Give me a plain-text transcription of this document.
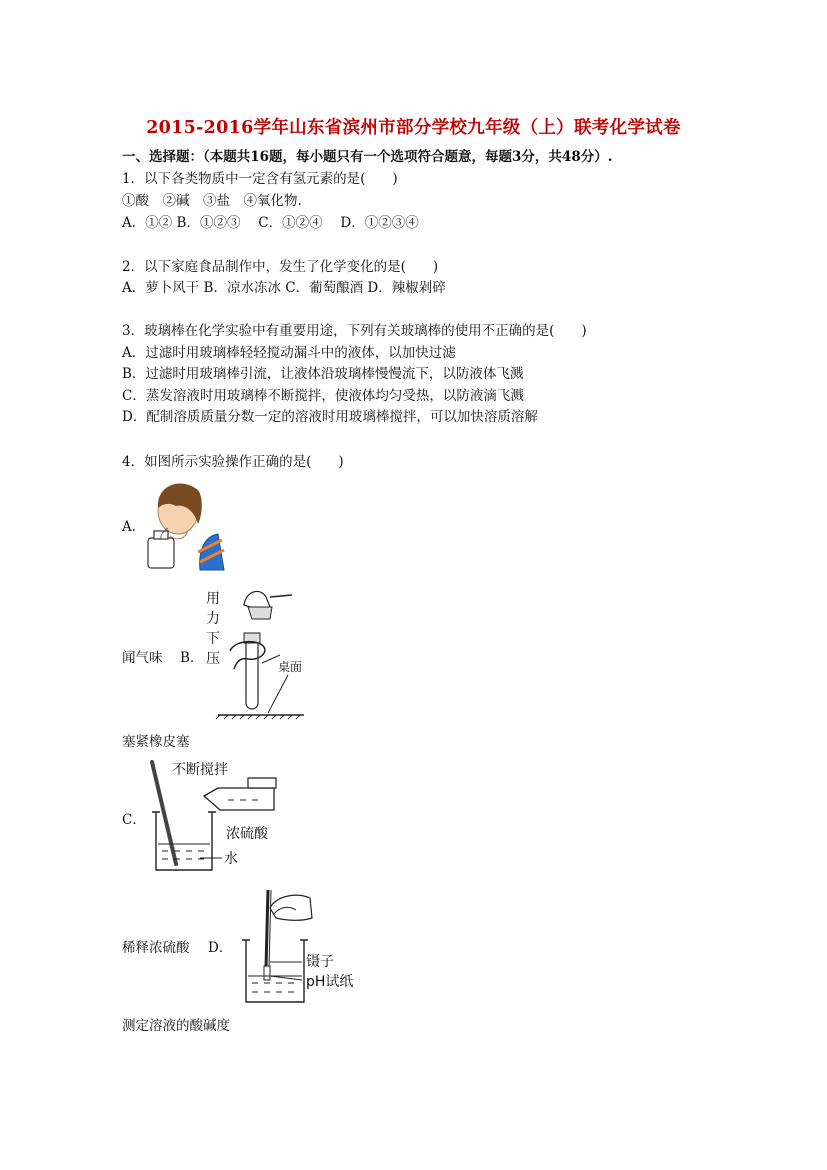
2015-2016学年山东省滨州市部分学校九年级（上）联考化学试卷
一、选择题：（本题共16题，每小题只有一个选项符合题意，每题3分，共48分）.
1．以下各类物质中一定含有氢元素的是(　　)
①酸　②碱　③盐　④氧化物.
A．①② B．①②③　 C．①②④　 D．①②③④
2．以下家庭食品制作中，发生了化学变化的是(　　)
A．萝卜风干 B．凉水冻冰 C．葡萄酿酒 D．辣椒剁碎
3．玻璃棒在化学实验中有重要用途，下列有关玻璃棒的使用不正确的是(　　)
A．过滤时用玻璃棒轻轻搅动漏斗中的液体，以加快过滤
B．过滤时用玻璃棒引流，让液体沿玻璃棒慢慢流下，以防液体飞溅
C．蒸发溶液时用玻璃棒不断搅拌，使液体均匀受热，以防液滴飞溅
D．配制溶质质量分数一定的溶液时用玻璃棒搅拌，可以加快溶质溶解
4．如图所示实验操作正确的是(　　)
A．
闻气味 B．
用
力
下
压	桌面
塞紧橡皮塞
C．
不断搅拌
浓硫酸
水
稀释浓硫酸 D．
镊子
pH试纸
测定溶液的酸碱度
